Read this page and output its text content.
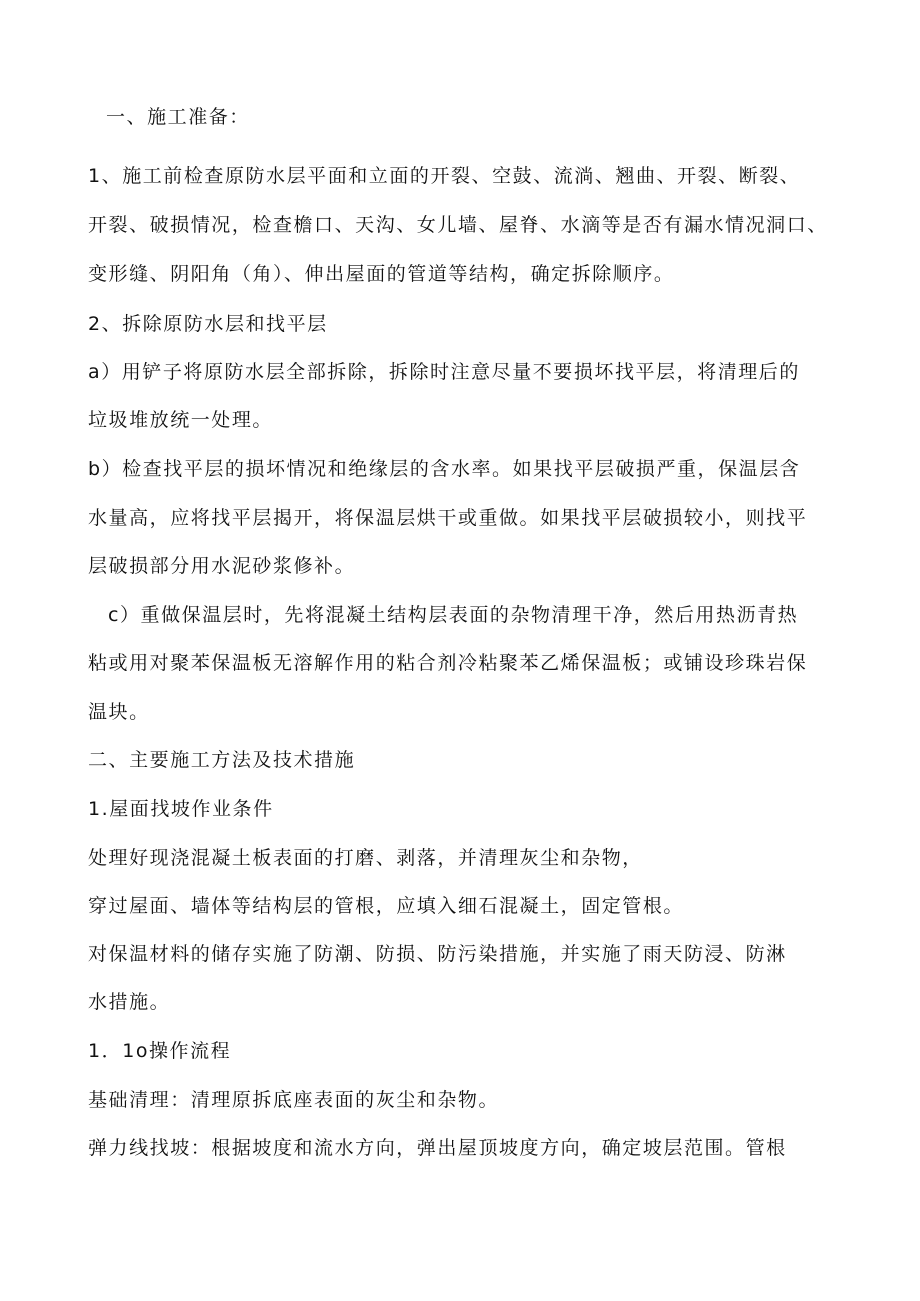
一、施工准备：

1、施工前检查原防水层平面和立面的开裂、空鼓、流淌、翘曲、开裂、断裂、

开裂、破损情况，检查檐口、天沟、女儿墙、屋脊、水滴等是否有漏水情况洞口、

变形缝、阴阳角（角）、伸出屋面的管道等结构，确定拆除顺序。

2、拆除原防水层和找平层

a）用铲子将原防水层全部拆除，拆除时注意尽量不要损坏找平层，将清理后的

垃圾堆放统一处理。

b）检查找平层的损坏情况和绝缘层的含水率。如果找平层破损严重，保温层含

水量高，应将找平层揭开，将保温层烘干或重做。如果找平层破损较小，则找平

层破损部分用水泥砂浆修补。

c）重做保温层时，先将混凝土结构层表面的杂物清理干净，然后用热沥青热

粘或用对聚苯保温板无溶解作用的粘合剂冷粘聚苯乙烯保温板；或铺设珍珠岩保

温块。

二、主要施工方法及技术措施

1.屋面找坡作业条件

处理好现浇混凝土板表面的打磨、剥落，并清理灰尘和杂物，

穿过屋面、墙体等结构层的管根，应填入细石混凝土，固定管根。

对保温材料的储存实施了防潮、防损、防污染措施，并实施了雨天防浸、防淋

水措施。

1．1o操作流程

基础清理：清理原拆底座表面的灰尘和杂物。

弹力线找坡：根据坡度和流水方向，弹出屋顶坡度方向，确定坡层范围。管根
